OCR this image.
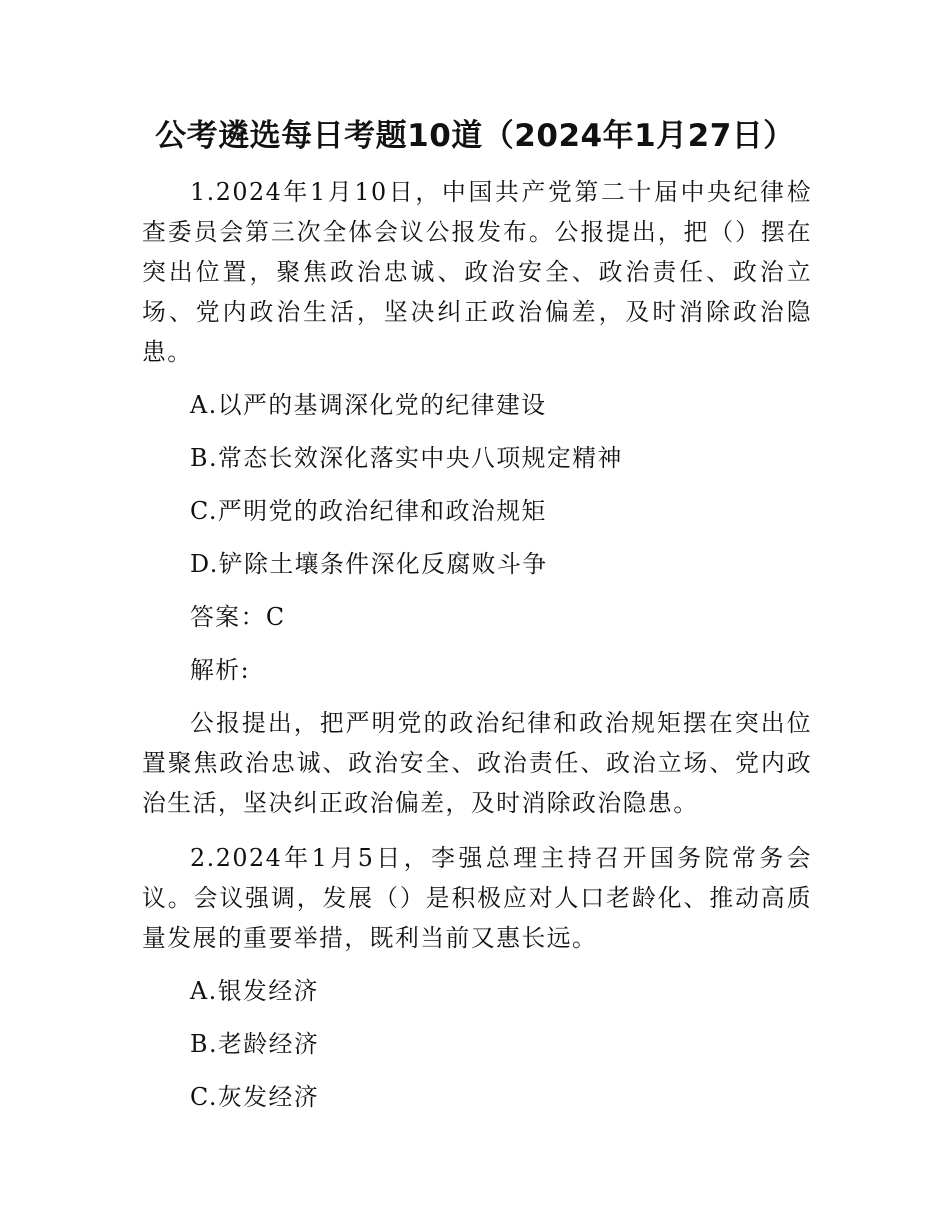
公考遴选每日考题10道（2024年1月27日）

1.2024年1月10日，中国共产党第二十届中央纪律检查委员会第三次全体会议公报发布。公报提出，把（）摆在突出位置，聚焦政治忠诚、政治安全、政治责任、政治立场、党内政治生活，坚决纠正政治偏差，及时消除政治隐患。

A.以严的基调深化党的纪律建设

B.常态长效深化落实中央八项规定精神

C.严明党的政治纪律和政治规矩

D.铲除土壤条件深化反腐败斗争

答案：C

解析:

公报提出，把严明党的政治纪律和政治规矩摆在突出位置聚焦政治忠诚、政治安全、政治责任、政治立场、党内政治生活，坚决纠正政治偏差，及时消除政治隐患。

2.2024年1月5日，李强总理主持召开国务院常务会议。会议强调，发展（）是积极应对人口老龄化、推动高质量发展的重要举措，既利当前又惠长远。

A.银发经济

B.老龄经济

C.灰发经济
